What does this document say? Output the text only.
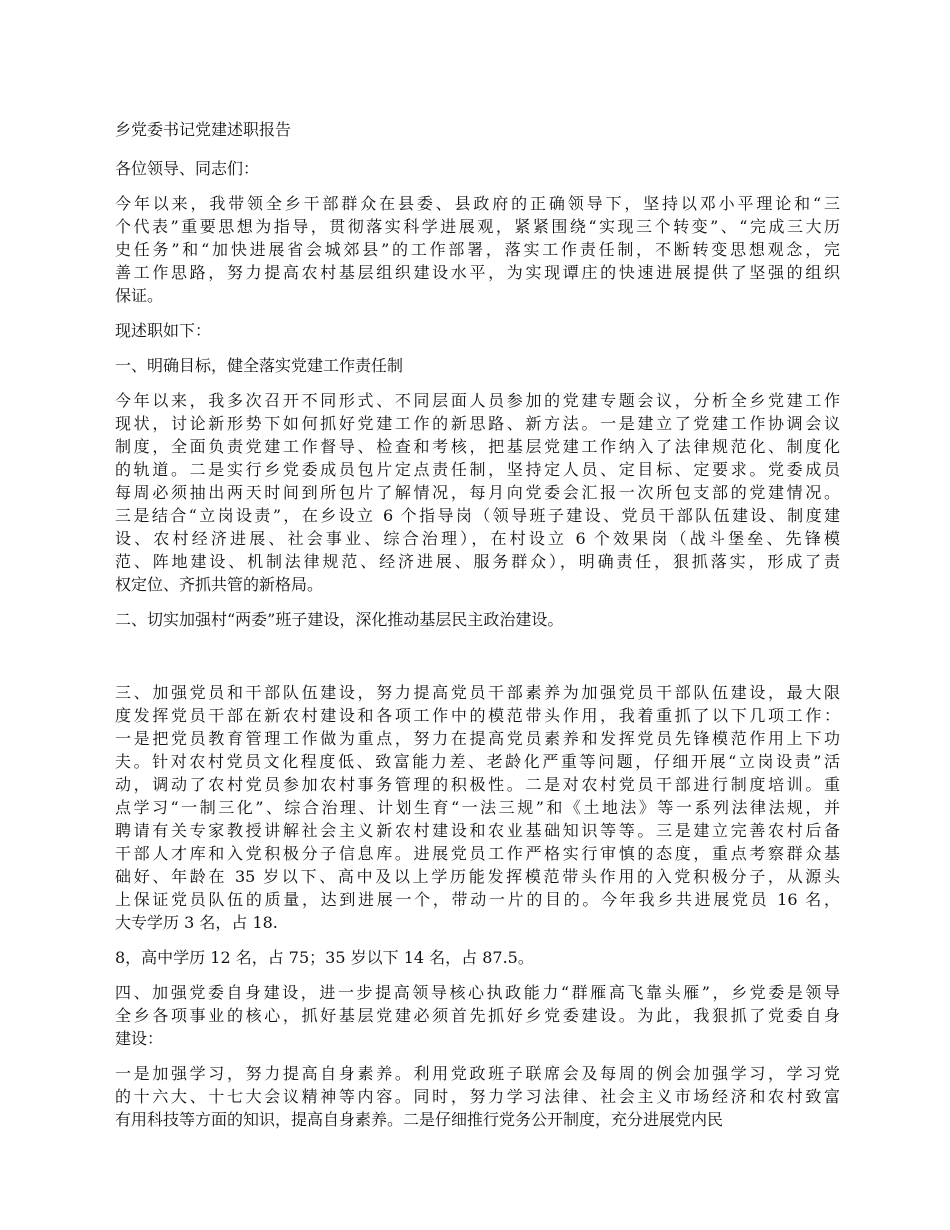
乡党委书记党建述职报告
各位领导、同志们：
今年以来，我带领全乡干部群众在县委、县政府的正确领导下，坚持以邓小平理论和“三
个代表”重要思想为指导，贯彻落实科学进展观，紧紧围绕“实现三个转变”、“完成三大历
史任务”和“加快进展省会城郊县”的工作部署，落实工作责任制，不断转变思想观念，完
善工作思路，努力提高农村基层组织建设水平，为实现谭庄的快速进展提供了坚强的组织
保证。
现述职如下：
一、明确目标，健全落实党建工作责任制
今年以来，我多次召开不同形式、不同层面人员参加的党建专题会议，分析全乡党建工作
现状，讨论新形势下如何抓好党建工作的新思路、新方法。一是建立了党建工作协调会议
制度，全面负责党建工作督导、检查和考核，把基层党建工作纳入了法律规范化、制度化
的轨道。二是实行乡党委成员包片定点责任制，坚持定人员、定目标、定要求。党委成员
每周必须抽出两天时间到所包片了解情况，每月向党委会汇报一次所包支部的党建情况。
三是结合“立岗设责”，在乡设立 6 个指导岗（领导班子建设、党员干部队伍建设、制度建
设、农村经济进展、社会事业、综合治理），在村设立 6 个效果岗（战斗堡垒、先锋模
范、阵地建设、机制法律规范、经济进展、服务群众），明确责任，狠抓落实，形成了责
权定位、齐抓共管的新格局。
二、切实加强村“两委”班子建设，深化推动基层民主政治建设。
三、加强党员和干部队伍建设，努力提高党员干部素养为加强党员干部队伍建设，最大限
度发挥党员干部在新农村建设和各项工作中的模范带头作用，我着重抓了以下几项工作：
一是把党员教育管理工作做为重点，努力在提高党员素养和发挥党员先锋模范作用上下功
夫。针对农村党员文化程度低、致富能力差、老龄化严重等问题，仔细开展“立岗设责”活
动，调动了农村党员参加农村事务管理的积极性。二是对农村党员干部进行制度培训。重
点学习“一制三化”、综合治理、计划生育“一法三规”和《土地法》等一系列法律法规，并
聘请有关专家教授讲解社会主义新农村建设和农业基础知识等等。三是建立完善农村后备
干部人才库和入党积极分子信息库。进展党员工作严格实行审慎的态度，重点考察群众基
础好、年龄在 35 岁以下、高中及以上学历能发挥模范带头作用的入党积极分子，从源头
上保证党员队伍的质量，达到进展一个，带动一片的目的。今年我乡共进展党员 16 名，
大专学历 3 名，占 18.
8，高中学历 12 名，占 75；35 岁以下 14 名，占 87.5。
四、加强党委自身建设，进一步提高领导核心执政能力“群雁高飞靠头雁”，乡党委是领导
全乡各项事业的核心，抓好基层党建必须首先抓好乡党委建设。为此，我狠抓了党委自身
建设：
一是加强学习，努力提高自身素养。利用党政班子联席会及每周的例会加强学习，学习党
的十六大、十七大会议精神等内容。同时，努力学习法律、社会主义市场经济和农村致富
有用科技等方面的知识，提高自身素养。二是仔细推行党务公开制度，充分进展党内民
